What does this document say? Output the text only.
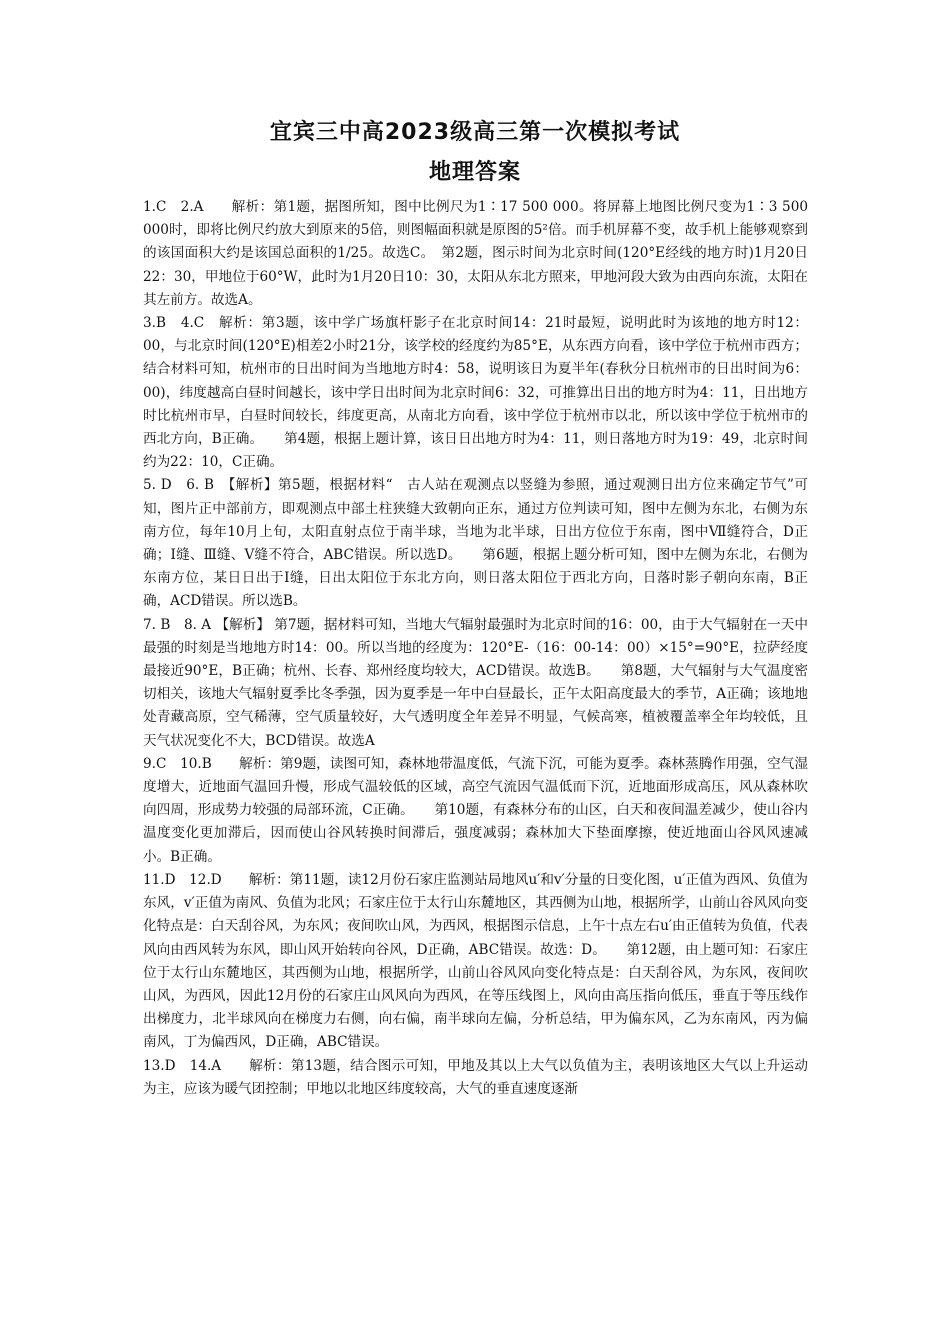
宜宾三中高2023级高三第一次模拟考试
地理答案

1.C　2.A　　解析：第1题，据图所知，图中比例尺为1∶17 500 000。将屏幕上地图比例尺变为1∶3 500 000时，即将比例尺约放大到原来的5倍，则图幅面积就是原图的5²倍。而手机屏幕不变，故手机上能够观察到的该国面积大约是该国总面积的1/25。故选C。　第2题，图示时间为北京时间(120°E经线的地方时)1月20日22：30，甲地位于60°W，此时为1月20日10：30，太阳从东北方照来，甲地河段大致为由西向东流，太阳在其左前方。故选A。

3.B　4.C　解析：第3题，该中学广场旗杆影子在北京时间14：21时最短，说明此时为该地的地方时12：00，与北京时间(120°E)相差2小时21分，该学校的经度约为85°E，从东西方向看，该中学位于杭州市西方；结合材料可知，杭州市的日出时间为当地地方时4：58，说明该日为夏半年(春秋分日杭州市的日出时间为6：00)，纬度越高白昼时间越长，该中学日出时间为北京时间6：32，可推算出日出的地方时为4：11，日出地方时比杭州市早，白昼时间较长，纬度更高，从南北方向看，该中学位于杭州市以北，所以该中学位于杭州市的西北方向，B正确。　　第4题，根据上题计算，该日日出地方时为4：11，则日落地方时为19：49，北京时间约为22：10，C正确。

5. D　6. B　【解析】第5题，根据材料“　古人站在观测点以竖缝为参照，通过观测日出方位来确定节气”可知，图片正中部前方，即观测点中部土柱狭缝大致朝向正东，通过方位判读可知，图中左侧为东北，右侧为东南方位，每年10月上旬，太阳直射点位于南半球，当地为北半球，日出方位位于东南，图中Ⅶ缝符合，D正确；Ⅰ缝、Ⅲ缝、Ⅴ缝不符合，ABC错误。所以选D。　　第6题，根据上题分析可知，图中左侧为东北，右侧为东南方位，某日日出于Ⅰ缝，日出太阳位于东北方向，则日落太阳位于西北方向，日落时影子朝向东南，B正确，ACD错误。所以选B。

7. B　8. A 【解析】 第7题，据材料可知，当地大气辐射最强时为北京时间的16：00，由于大气辐射在一天中最强的时刻是当地地方时14：00。所以当地的经度为：120°E-（16：00-14：00）×15°=90°E，拉萨经度最接近90°E，B正确；杭州、长春、郑州经度均较大，ACD错误。故选B。　　第8题，大气辐射与大气温度密切相关，该地大气辐射夏季比冬季强，因为夏季是一年中白昼最长，正午太阳高度最大的季节，A正确；该地地处青藏高原，空气稀薄，空气质量较好，大气透明度全年差异不明显，气候高寒，植被覆盖率全年均较低，且天气状况变化不大，BCD错误。故选A

9.C　10.B　　解析：第9题，读图可知，森林地带温度低，气流下沉，可能为夏季。森林蒸腾作用强，空气湿度增大，近地面气温回升慢，形成气温较低的区域，高空气流因气温低而下沉，近地面形成高压，风从森林吹向四周，形成势力较强的局部环流，C正确。　　第10题，有森林分布的山区，白天和夜间温差减少，使山谷内温度变化更加滞后，因而使山谷风转换时间滞后，强度减弱；森林加大下垫面摩擦，使近地面山谷风风速减小。B正确。

11.D　12.D　　解析：第11题，读12月份石家庄监测站局地风u′和v′分量的日变化图，u′正值为西风、负值为东风，v′正值为南风、负值为北风；石家庄位于太行山东麓地区，其西侧为山地，根据所学，山前山谷风风向变化特点是：白天刮谷风，为东风；夜间吹山风，为西风，根据图示信息，上午十点左右u′由正值转为负值，代表风向由西风转为东风，即山风开始转向谷风，D正确，ABC错误。故选：D。　　第12题，由上题可知：石家庄位于太行山东麓地区，其西侧为山地，根据所学，山前山谷风风向变化特点是：白天刮谷风，为东风，夜间吹山风，为西风，因此12月份的石家庄山风风向为西风，在等压线图上，风向由高压指向低压，垂直于等压线作出梯度力，北半球风向在梯度力右侧，向右偏，南半球向左偏，分析总结，甲为偏东风，乙为东南风，丙为偏南风，丁为偏西风，D正确，ABC错误。

13.D　14.A　　解析：第13题，结合图示可知，甲地及其以上大气以负值为主，表明该地区大气以上升运动为主，应该为暖气团控制；甲地以北地区纬度较高，大气的垂直速度逐渐
